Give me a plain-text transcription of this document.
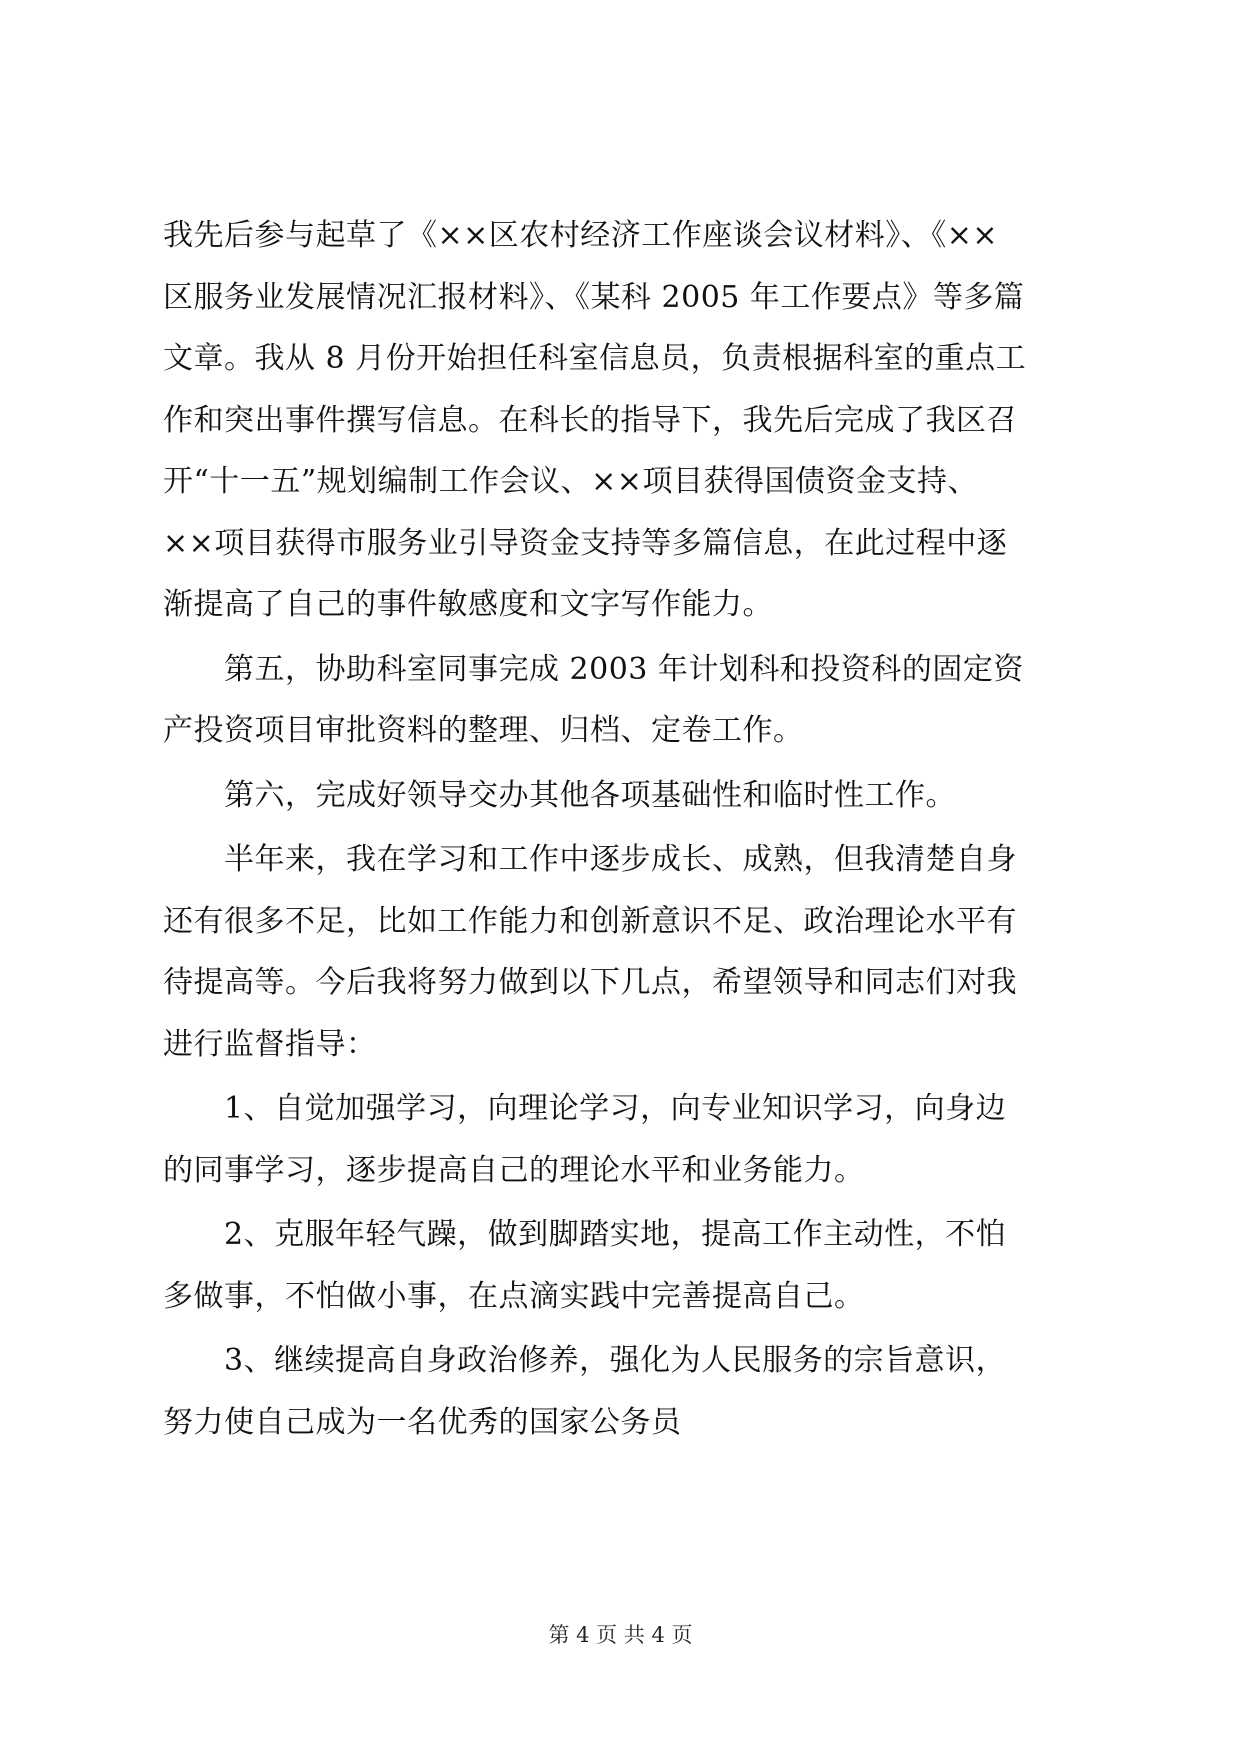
我先后参与起草了《××区农村经济工作座谈会议材料》、《××
区服务业发展情况汇报材料》、《某科 2005 年工作要点》等多篇
文章。我从 8 月份开始担任科室信息员，负责根据科室的重点工
作和突出事件撰写信息。在科长的指导下，我先后完成了我区召
开“十一五”规划编制工作会议、××项目获得国债资金支持、
××项目获得市服务业引导资金支持等多篇信息，在此过程中逐
渐提高了自己的事件敏感度和文字写作能力。
　　第五，协助科室同事完成 2003 年计划科和投资科的固定资
产投资项目审批资料的整理、归档、定卷工作。
　　第六，完成好领导交办其他各项基础性和临时性工作。
　　半年来，我在学习和工作中逐步成长、成熟，但我清楚自身
还有很多不足，比如工作能力和创新意识不足、政治理论水平有
待提高等。今后我将努力做到以下几点，希望领导和同志们对我
进行监督指导：
　　1、自觉加强学习，向理论学习，向专业知识学习，向身边
的同事学习，逐步提高自己的理论水平和业务能力。
　　2、克服年轻气躁，做到脚踏实地，提高工作主动性，不怕
多做事，不怕做小事，在点滴实践中完善提高自己。
　　3、继续提高自身政治修养，强化为人民服务的宗旨意识，
努力使自己成为一名优秀的国家公务员
第 4 页 共 4 页
